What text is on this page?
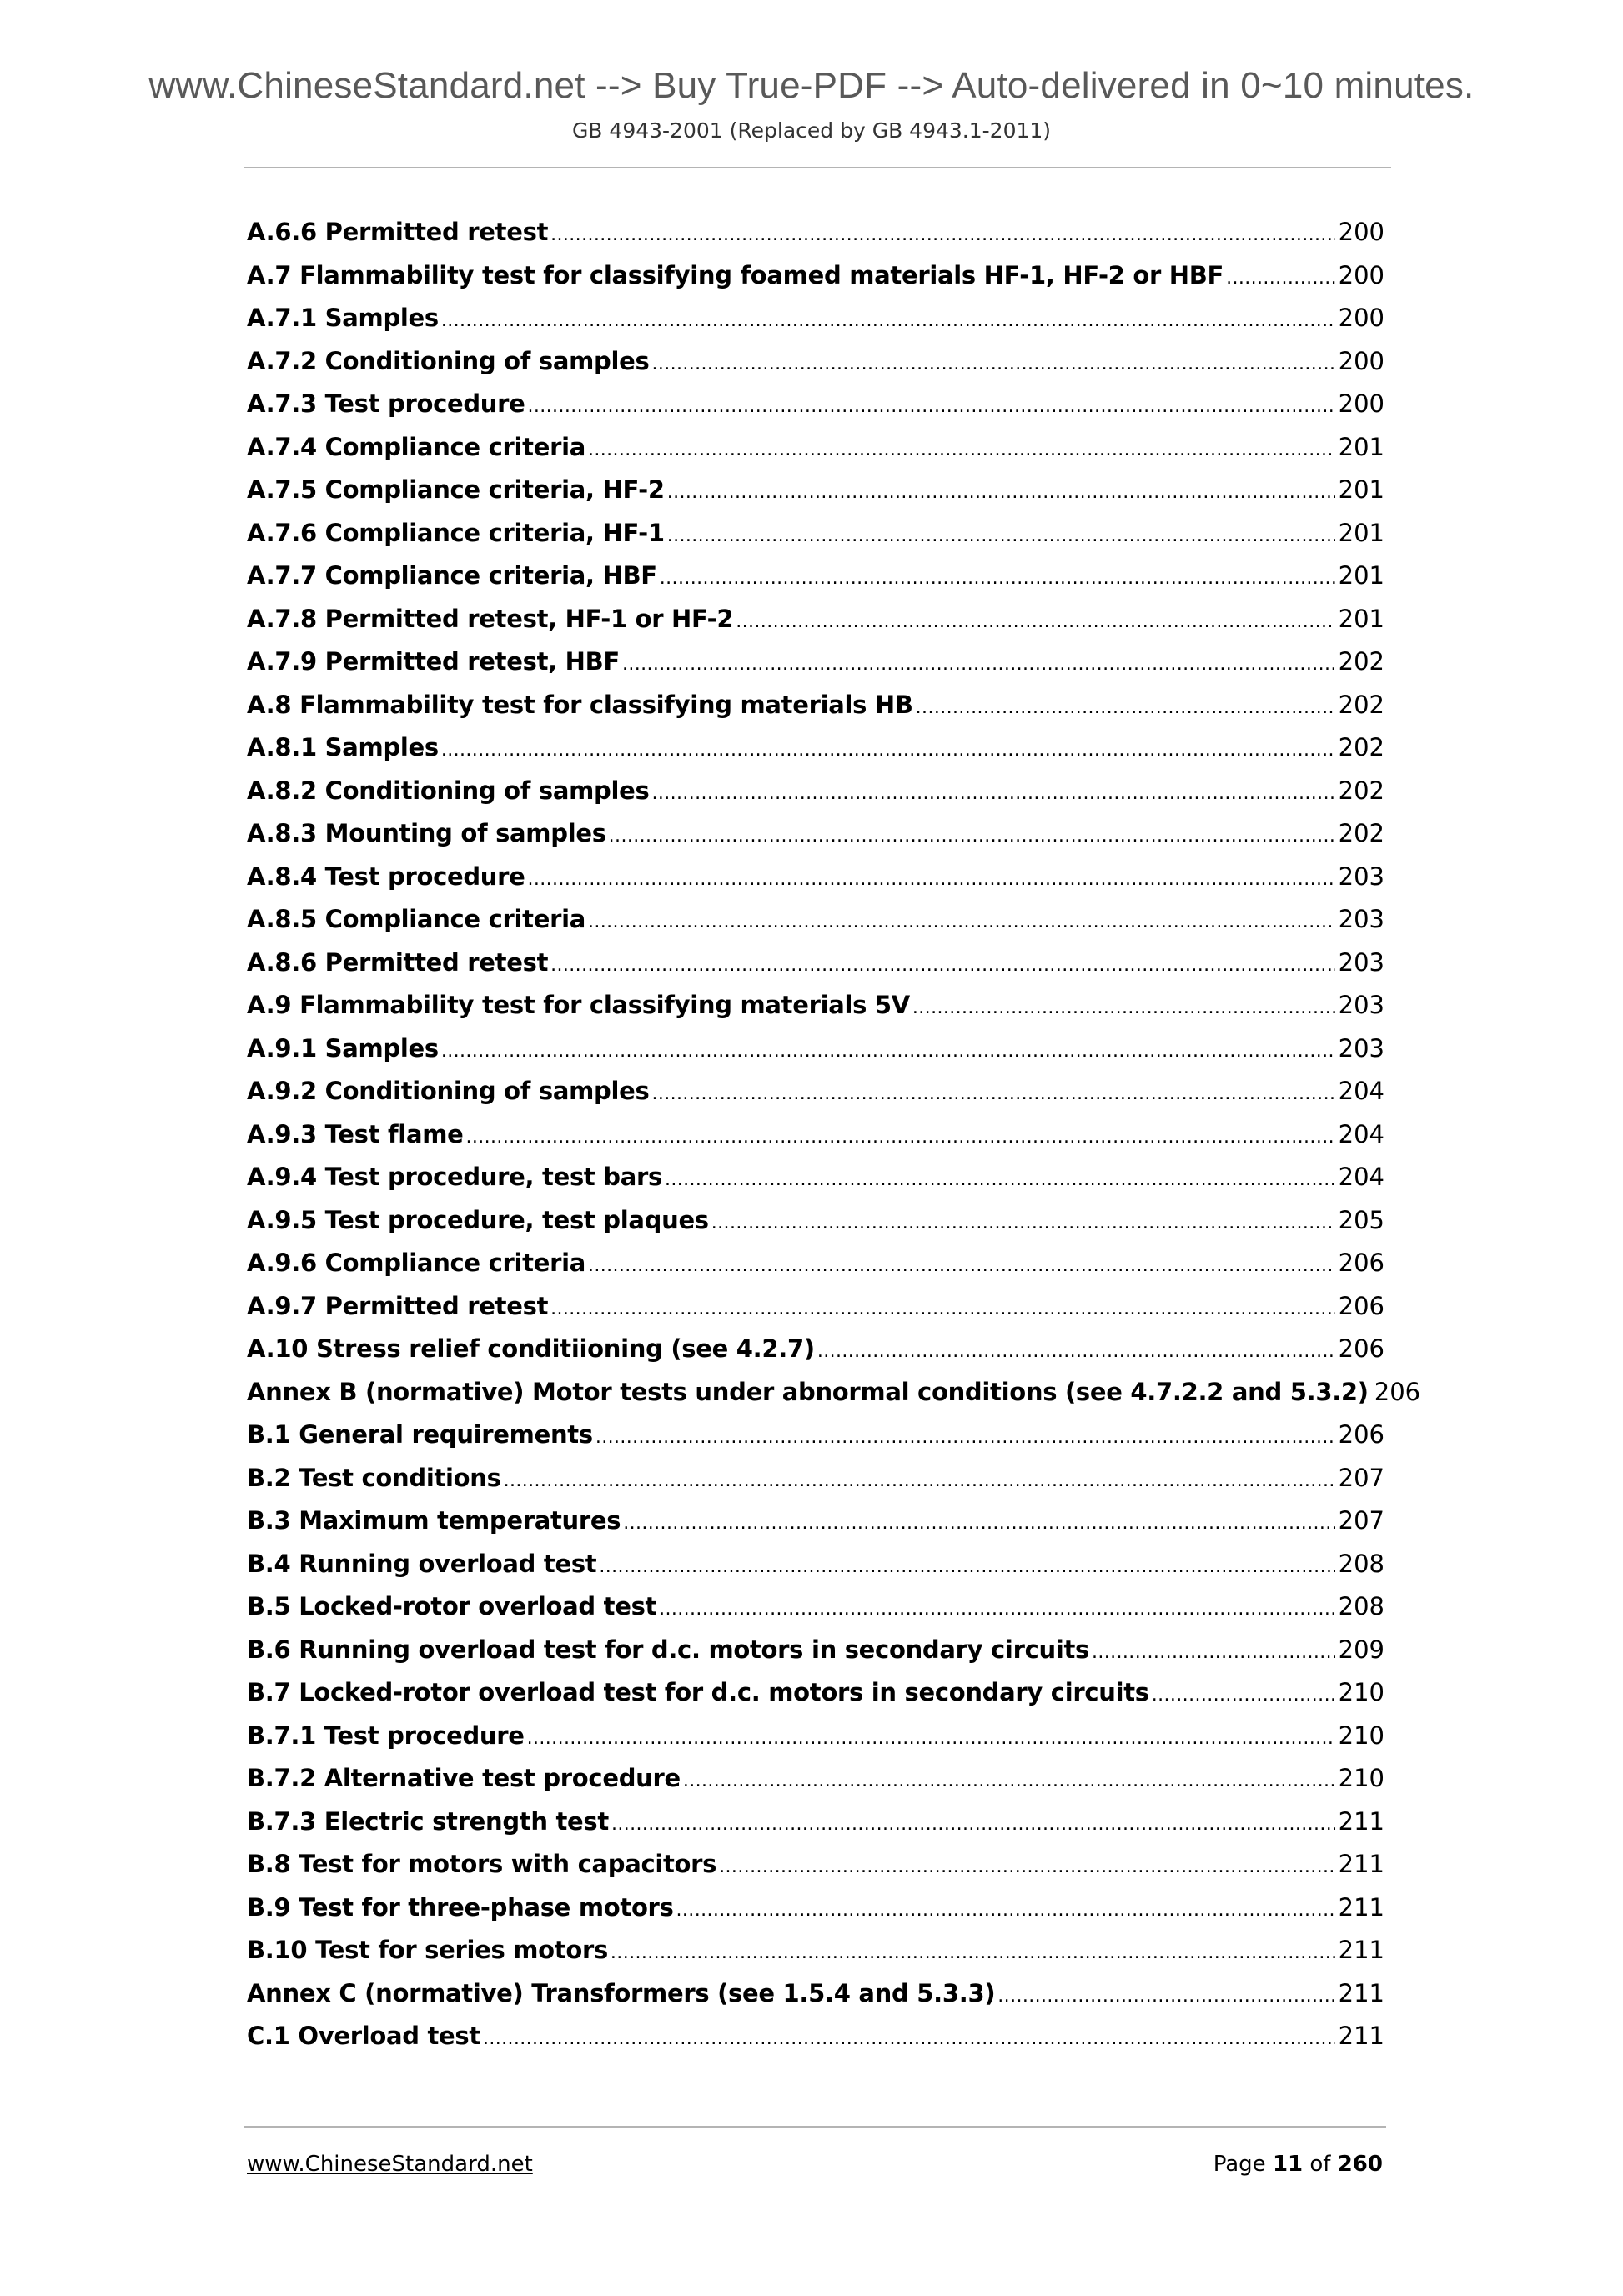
www.ChineseStandard.net --> Buy True-PDF --> Auto-delivered in 0~10 minutes.
GB 4943-2001 (Replaced by GB 4943.1-2011)
A.6.6 Permitted retest . . .	200
A.7 Flammability test for classifying foamed materials HF-1, HF-2 or HBF . . .	200
A.7.1 Samples . . .	200
A.7.2 Conditioning of samples . . .	200
A.7.3 Test procedure . . .	200
A.7.4 Compliance criteria . . .	201
A.7.5 Compliance criteria, HF-2 . . .	201
A.7.6 Compliance criteria, HF-1 . . .	201
A.7.7 Compliance criteria, HBF . . .	201
A.7.8 Permitted retest, HF-1 or HF-2 . . .	201
A.7.9 Permitted retest, HBF . . .	202
A.8 Flammability test for classifying materials HB . . .	202
A.8.1 Samples . . .	202
A.8.2 Conditioning of samples . . .	202
A.8.3 Mounting of samples . . .	202
A.8.4 Test procedure . . .	203
A.8.5 Compliance criteria . . .	203
A.8.6 Permitted retest . . .	203
A.9 Flammability test for classifying materials 5V . . .	203
A.9.1 Samples . . .	203
A.9.2 Conditioning of samples . . .	204
A.9.3 Test flame . . .	204
A.9.4 Test procedure, test bars . . .	204
A.9.5 Test procedure, test plaques . . .	205
A.9.6 Compliance criteria . . .	206
A.9.7 Permitted retest . . .	206
A.10 Stress relief conditiioning (see 4.2.7) . . .	206
Annex B (normative) Motor tests under abnormal conditions (see 4.7.2.2 and 5.3.2) 206
B.1 General requirements . . .	206
B.2 Test conditions . . .	207
B.3 Maximum temperatures . . .	207
B.4 Running overload test . . .	208
B.5 Locked-rotor overload test . . .	208
B.6 Running overload test for d.c. motors in secondary circuits . . .	209
B.7 Locked-rotor overload test for d.c. motors in secondary circuits . . .	210
B.7.1 Test procedure . . .	210
B.7.2 Alternative test procedure . . .	210
B.7.3 Electric strength test . . .	211
B.8 Test for motors with capacitors . . .	211
B.9 Test for three-phase motors . . .	211
B.10 Test for series motors . . .	211
Annex C (normative) Transformers (see 1.5.4 and 5.3.3) . . .	211
C.1 Overload test . . .	211
www.ChineseStandard.net	Page 11 of 260
